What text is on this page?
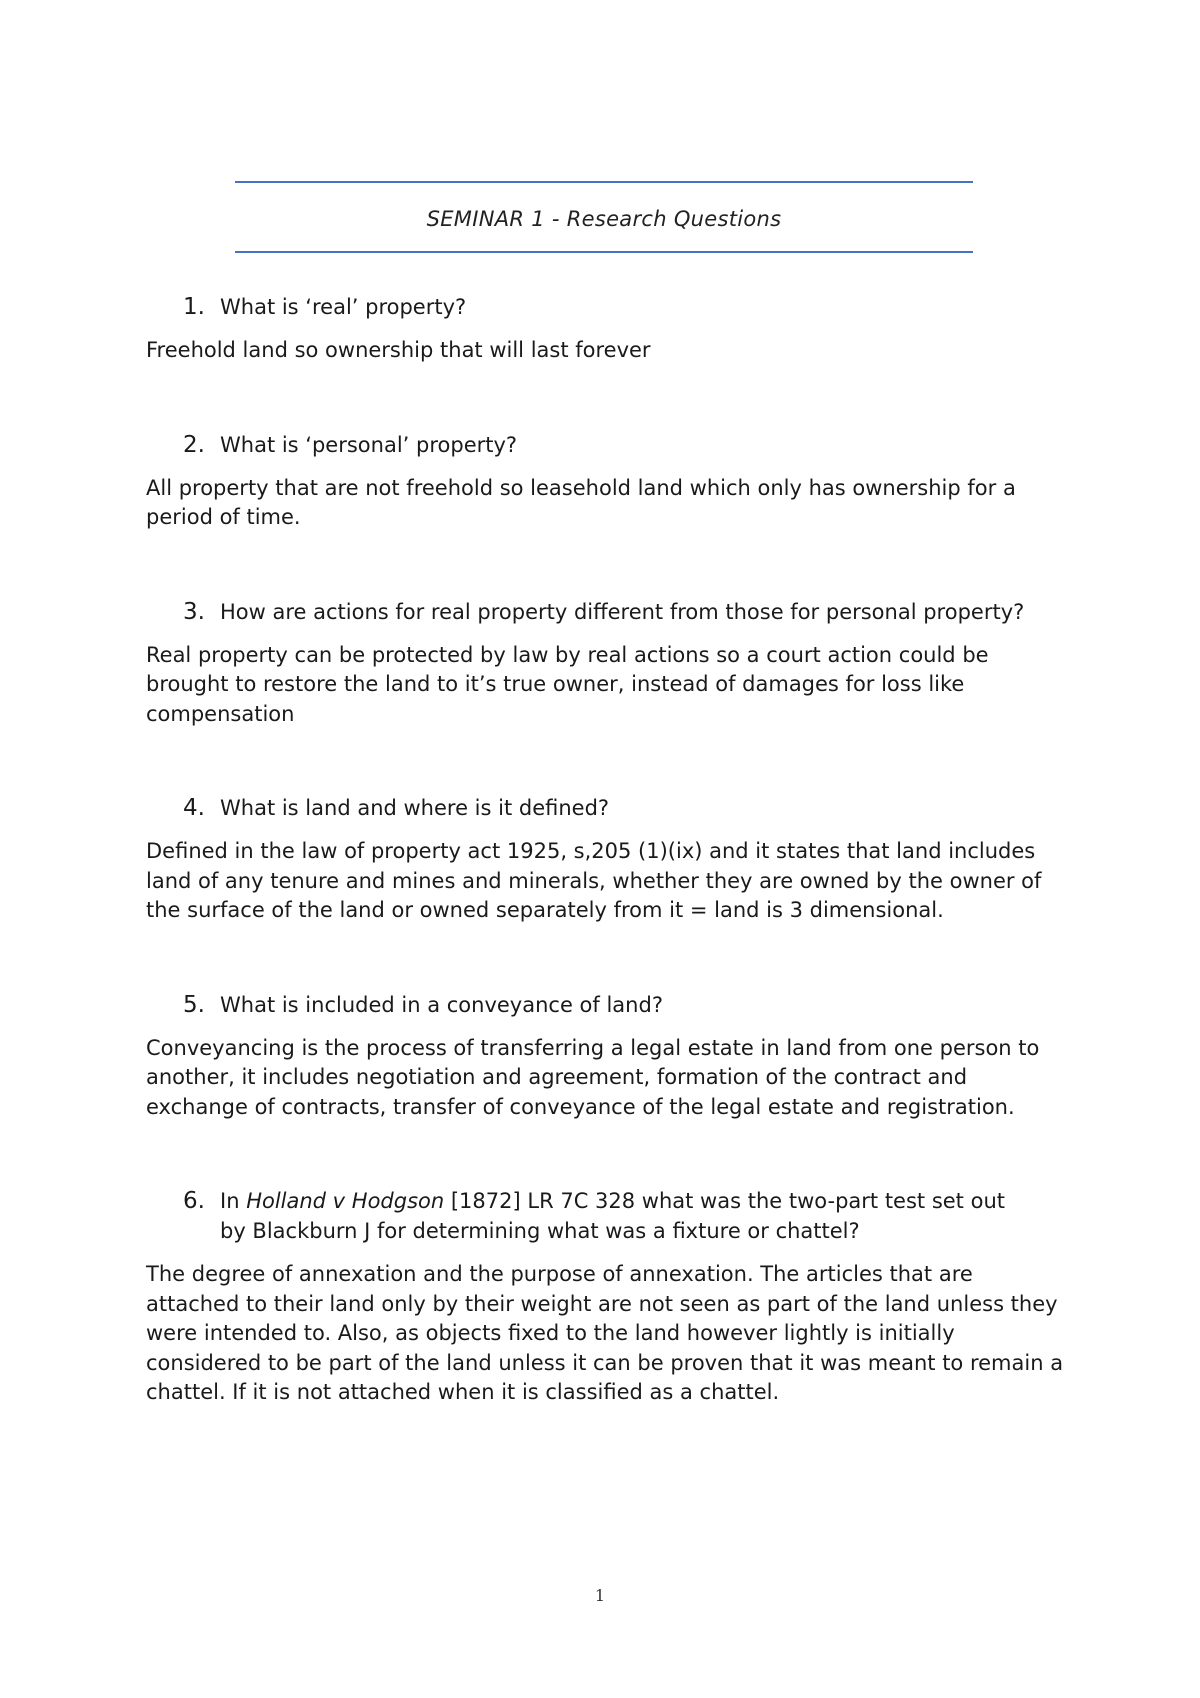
SEMINAR 1 - Research Questions
1. What is ‘real’ property?
Freehold land so ownership that will last forever
2. What is ‘personal’ property?
All property that are not freehold so leasehold land which only has ownership for a period of time.
3. How are actions for real property different from those for personal property?
Real property can be protected by law by real actions so a court action could be brought to restore the land to it’s true owner, instead of damages for loss like compensation
4. What is land and where is it defined?
Defined in the law of property act 1925, s,205 (1)(ix) and it states that land includes land of any tenure and mines and minerals, whether they are owned by the owner of the surface of the land or owned separately from it = land is 3 dimensional.
5. What is included in a conveyance of land?
Conveyancing is the process of transferring a legal estate in land from one person to another, it includes negotiation and agreement, formation of the contract and exchange of contracts, transfer of conveyance of the legal estate and registration.
6. In Holland v Hodgson [1872] LR 7C 328 what was the two-part test set out by Blackburn J for determining what was a fixture or chattel?
The degree of annexation and the purpose of annexation. The articles that are attached to their land only by their weight are not seen as part of the land unless they were intended to. Also, as objects fixed to the land however lightly is initially considered to be part of the land unless it can be proven that it was meant to remain a chattel. If it is not attached when it is classified as a chattel.
1
